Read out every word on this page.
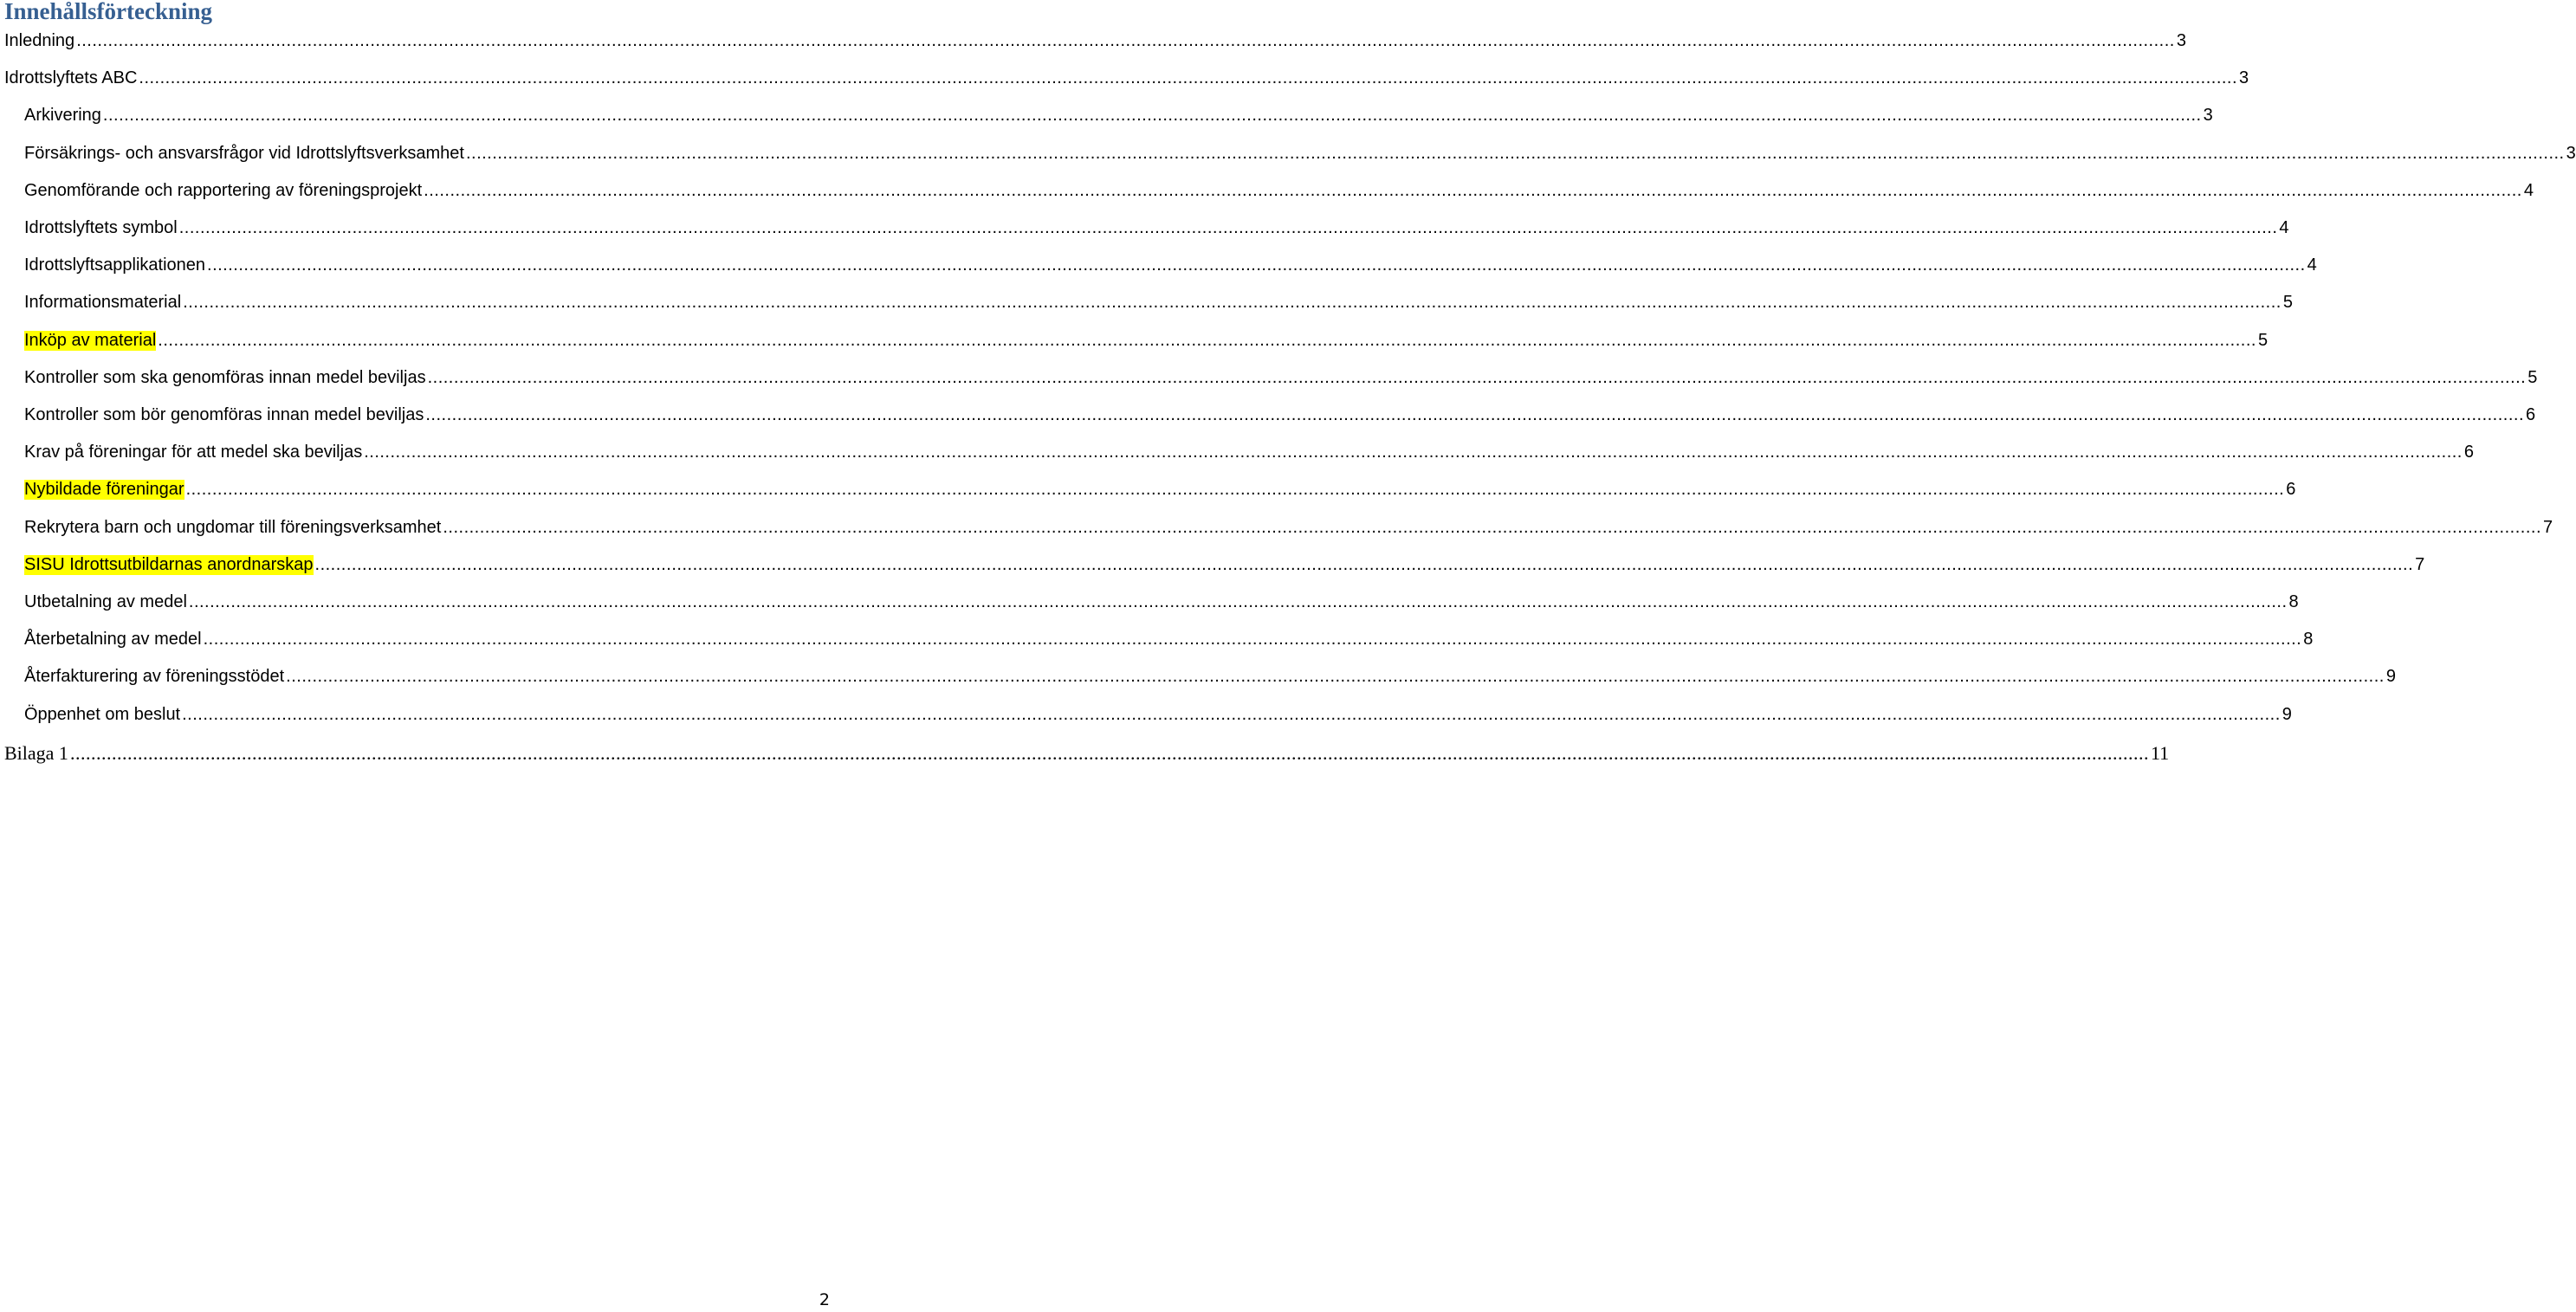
Innehållsförteckning
Inledning ................................................................................................................................................................................................................................................................................................................................................................................................................ 3
Idrottslyftets ABC ................................................................................................................................................................................................................................................................................................................................................................................................................ 3
Arkivering ................................................................................................................................................................................................................................................................................................................................................................................................................ 3
Försäkrings- och ansvarsfrågor vid Idrottslyftsverksamhet ................................................................................................................................................................................................................................................................................................................................................................................................................ 3
Genomförande och rapportering av föreningsprojekt ................................................................................................................................................................................................................................................................................................................................................................................................................ 4
Idrottslyftets symbol ................................................................................................................................................................................................................................................................................................................................................................................................................ 4
Idrottslyftsapplikationen ................................................................................................................................................................................................................................................................................................................................................................................................................ 4
Informationsmaterial ................................................................................................................................................................................................................................................................................................................................................................................................................ 5
Inköp av material ................................................................................................................................................................................................................................................................................................................................................................................................................ 5
Kontroller som ska genomföras innan medel beviljas ................................................................................................................................................................................................................................................................................................................................................................................................................ 5
Kontroller som bör genomföras innan medel beviljas ................................................................................................................................................................................................................................................................................................................................................................................................................ 6
Krav på föreningar för att medel ska beviljas ................................................................................................................................................................................................................................................................................................................................................................................................................ 6
Nybildade föreningar ................................................................................................................................................................................................................................................................................................................................................................................................................ 6
Rekrytera barn och ungdomar till föreningsverksamhet ................................................................................................................................................................................................................................................................................................................................................................................................................ 7
SISU Idrottsutbildarnas anordnarskap ................................................................................................................................................................................................................................................................................................................................................................................................................ 7
Utbetalning av medel ................................................................................................................................................................................................................................................................................................................................................................................................................ 8
Återbetalning av medel ................................................................................................................................................................................................................................................................................................................................................................................................................ 8
Återfakturering av föreningsstödet ................................................................................................................................................................................................................................................................................................................................................................................................................ 9
Öppenhet om beslut ................................................................................................................................................................................................................................................................................................................................................................................................................ 9
Bilaga 1 ................................................................................................................................................................................................................................................................................................................................................................................................................ 11
2
